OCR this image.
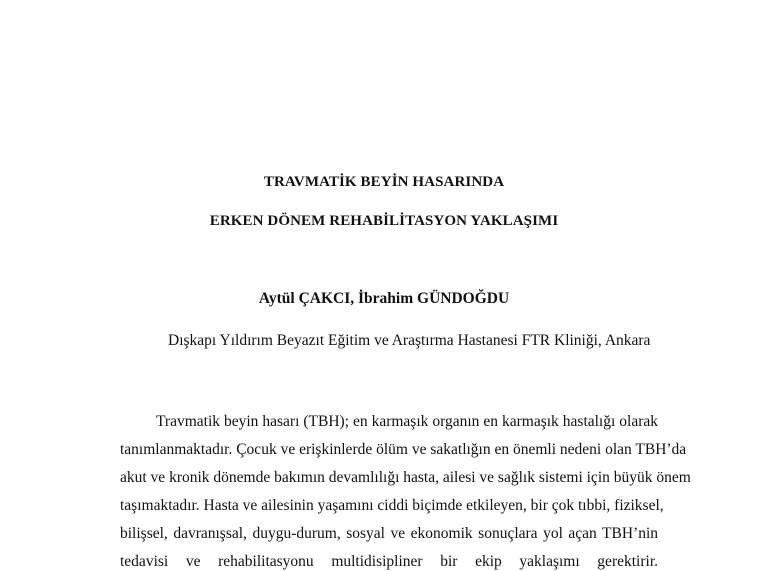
TRAVMATİK BEYİN HASARINDA
ERKEN DÖNEM REHABİLİTASYON YAKLAŞIMI
Aytül ÇAKCI, İbrahim GÜNDOĞDU
Dışkapı Yıldırım Beyazıt Eğitim ve Araştırma Hastanesi FTR Kliniği, Ankara
Travmatik beyin hasarı (TBH); en karmaşık organın en karmaşık hastalığı olarak
tanımlanmaktadır. Çocuk ve erişkinlerde ölüm ve sakatlığın en önemli nedeni olan TBH’da
akut ve kronik dönemde bakımın devamlılığı hasta, ailesi ve sağlık sistemi için büyük önem
taşımaktadır. Hasta ve ailesinin yaşamını ciddi biçimde etkileyen, bir çok tıbbi, fiziksel,
bilişsel, davranışsal, duygu-durum, sosyal ve ekonomik sonuçlara yol açan TBH’nin
tedavisi ve rehabilitasyonu multidisipliner bir ekip yaklaşımı gerektirir.
